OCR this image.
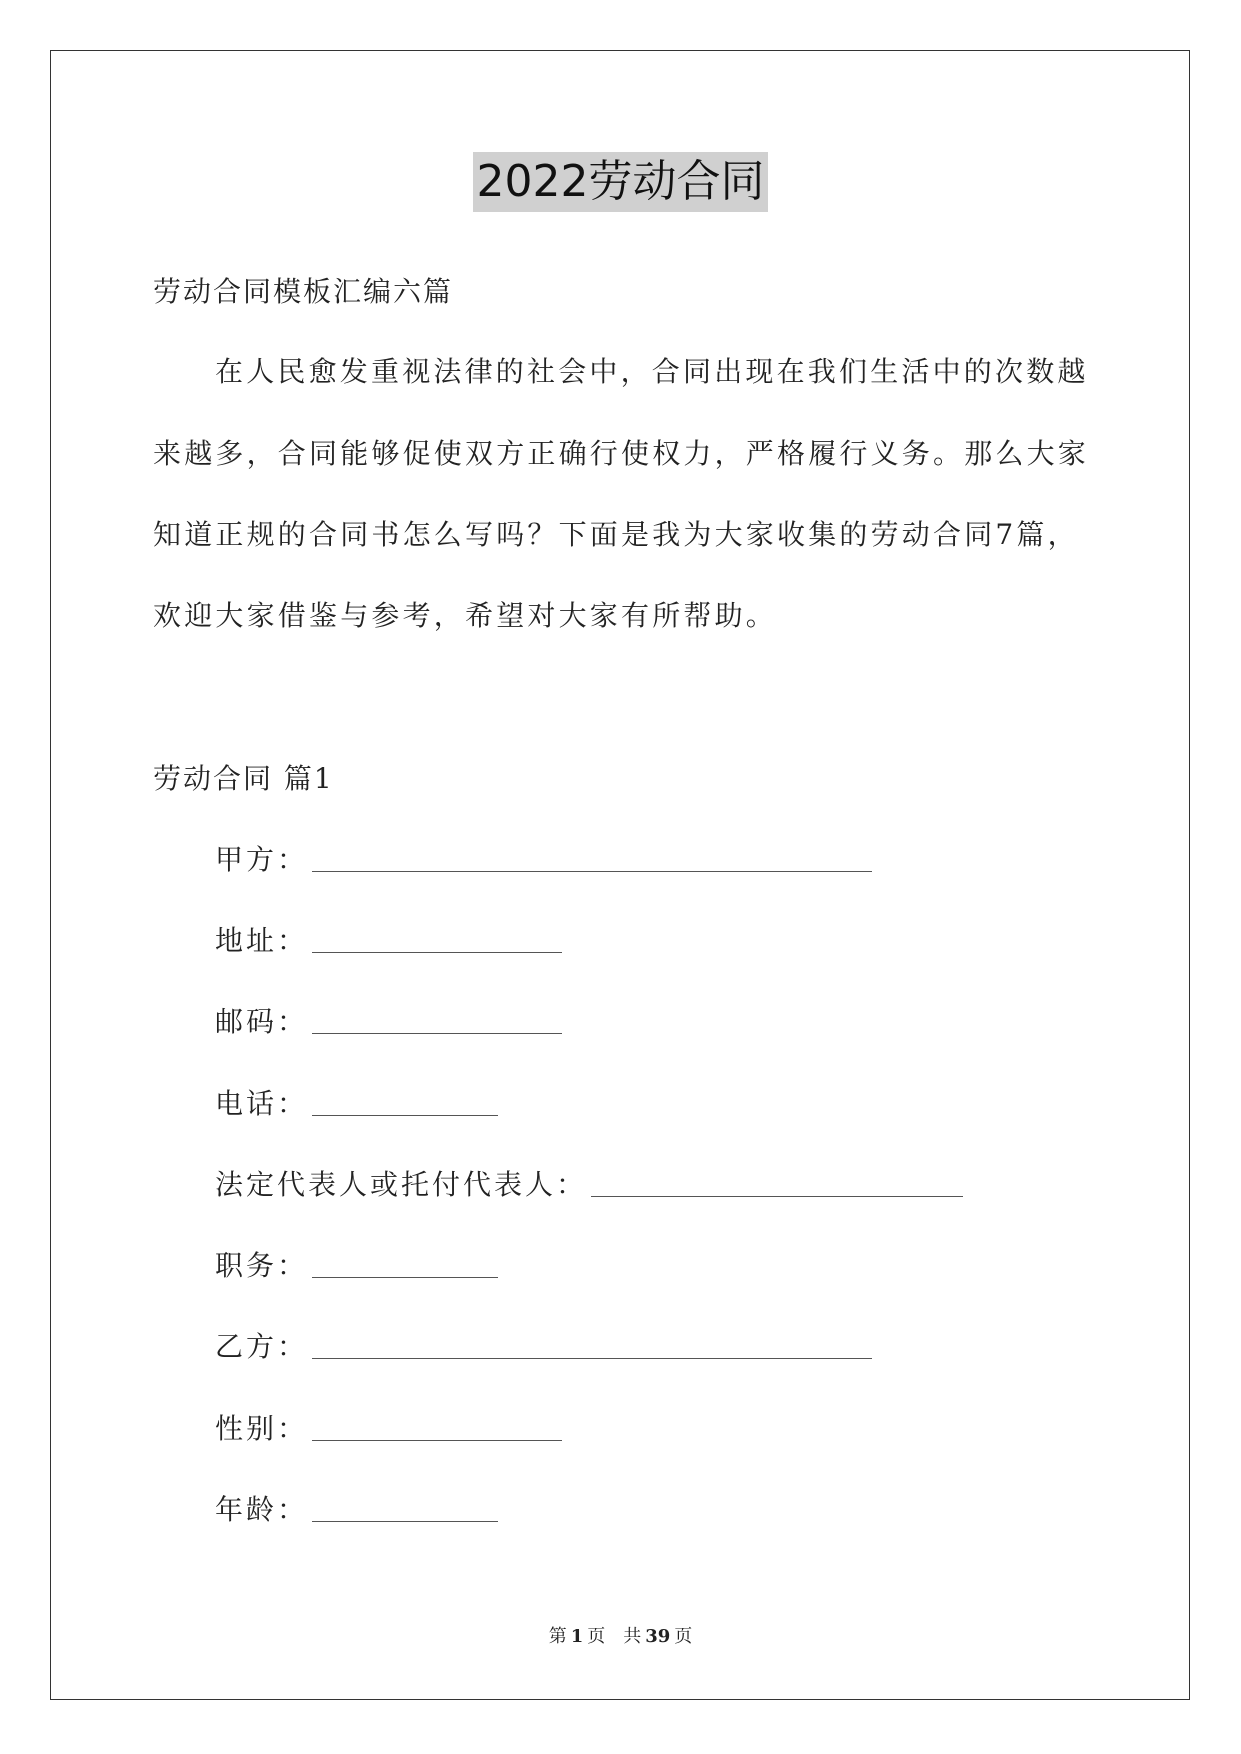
2022劳动合同
劳动合同模板汇编六篇
在人民愈发重视法律的社会中，合同出现在我们生活中的次数越
来越多，合同能够促使双方正确行使权力，严格履行义务。那么大家
知道正规的合同书怎么写吗？下面是我为大家收集的劳动合同7篇，
欢迎大家借鉴与参考，希望对大家有所帮助。
劳动合同 篇1
甲方：
地址：
邮码：
电话：
法定代表人或托付代表人：
职务：
乙方：
性别：
年龄：
第 1 页　共 39 页
